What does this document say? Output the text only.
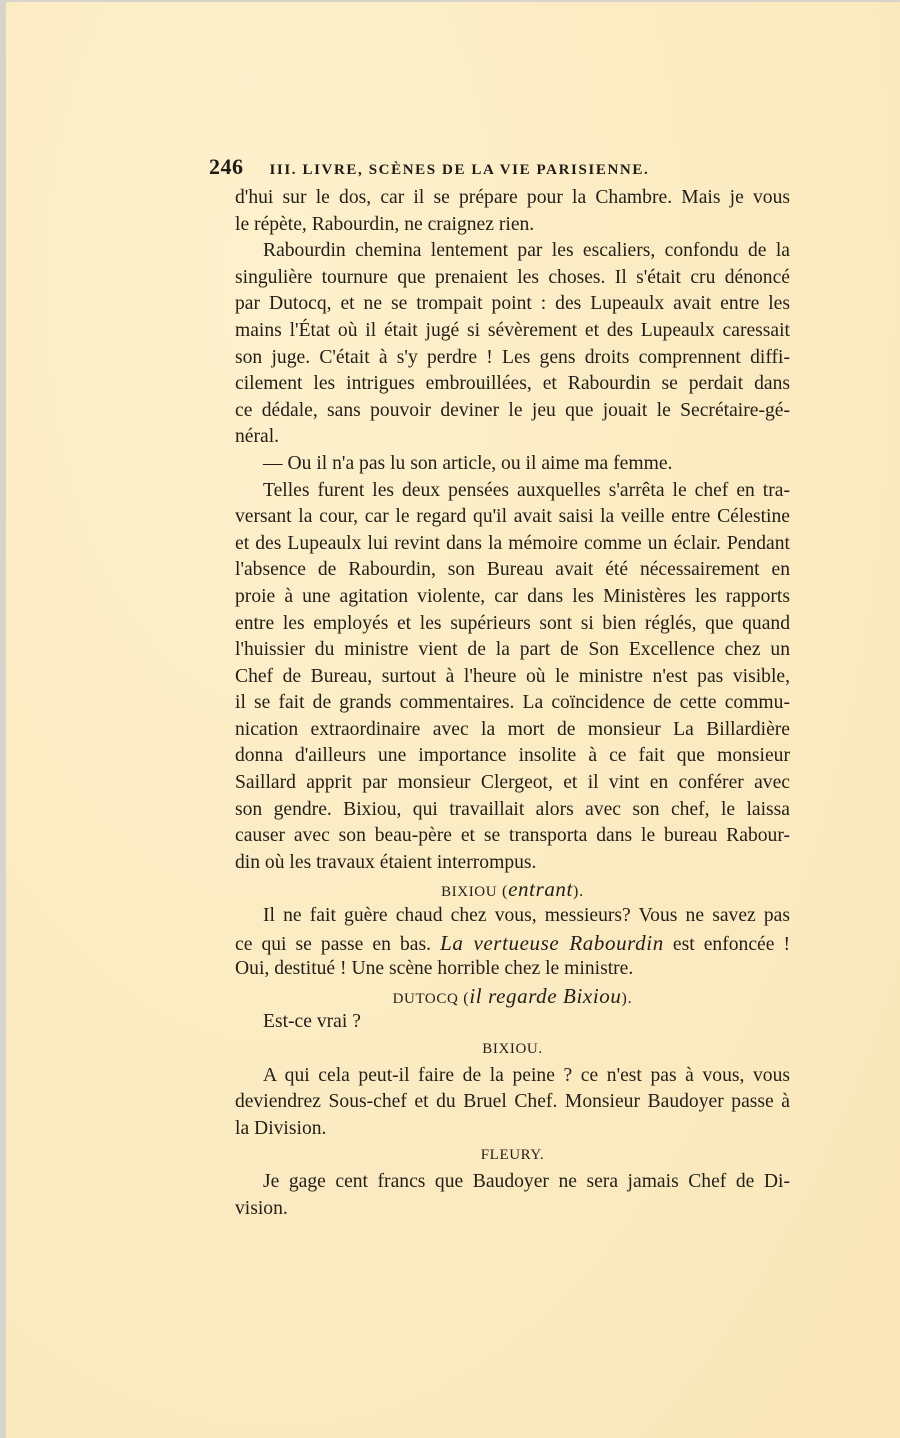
246 III. LIVRE, SCÈNES DE LA VIE PARISIENNE.
d'hui sur le dos, car il se prépare pour la Chambre. Mais je vous
le répète, Rabourdin, ne craignez rien.
Rabourdin chemina lentement par les escaliers, confondu de la
singulière tournure que prenaient les choses. Il s'était cru dénoncé
par Dutocq, et ne se trompait point : des Lupeaulx avait entre les
mains l'État où il était jugé si sévèrement et des Lupeaulx caressait
son juge. C'était à s'y perdre ! Les gens droits comprennent diffi-
cilement les intrigues embrouillées, et Rabourdin se perdait dans
ce dédale, sans pouvoir deviner le jeu que jouait le Secrétaire-gé-
néral.
— Ou il n'a pas lu son article, ou il aime ma femme.
Telles furent les deux pensées auxquelles s'arrêta le chef en tra-
versant la cour, car le regard qu'il avait saisi la veille entre Célestine
et des Lupeaulx lui revint dans la mémoire comme un éclair. Pendant
l'absence de Rabourdin, son Bureau avait été nécessairement en
proie à une agitation violente, car dans les Ministères les rapports
entre les employés et les supérieurs sont si bien réglés, que quand
l'huissier du ministre vient de la part de Son Excellence chez un
Chef de Bureau, surtout à l'heure où le ministre n'est pas visible,
il se fait de grands commentaires. La coïncidence de cette commu-
nication extraordinaire avec la mort de monsieur La Billardière
donna d'ailleurs une importance insolite à ce fait que monsieur
Saillard apprit par monsieur Clergeot, et il vint en conférer avec
son gendre. Bixiou, qui travaillait alors avec son chef, le laissa
causer avec son beau-père et se transporta dans le bureau Rabour-
din où les travaux étaient interrompus.
BIXIOU (entrant).
Il ne fait guère chaud chez vous, messieurs? Vous ne savez pas
ce qui se passe en bas. La vertueuse Rabourdin est enfoncée !
Oui, destitué ! Une scène horrible chez le ministre.
DUTOCQ (il regarde Bixiou).
Est-ce vrai ?
BIXIOU.
A qui cela peut-il faire de la peine ? ce n'est pas à vous, vous
deviendrez Sous-chef et du Bruel Chef. Monsieur Baudoyer passe à
la Division.
FLEURY.
Je gage cent francs que Baudoyer ne sera jamais Chef de Di-
vision.
